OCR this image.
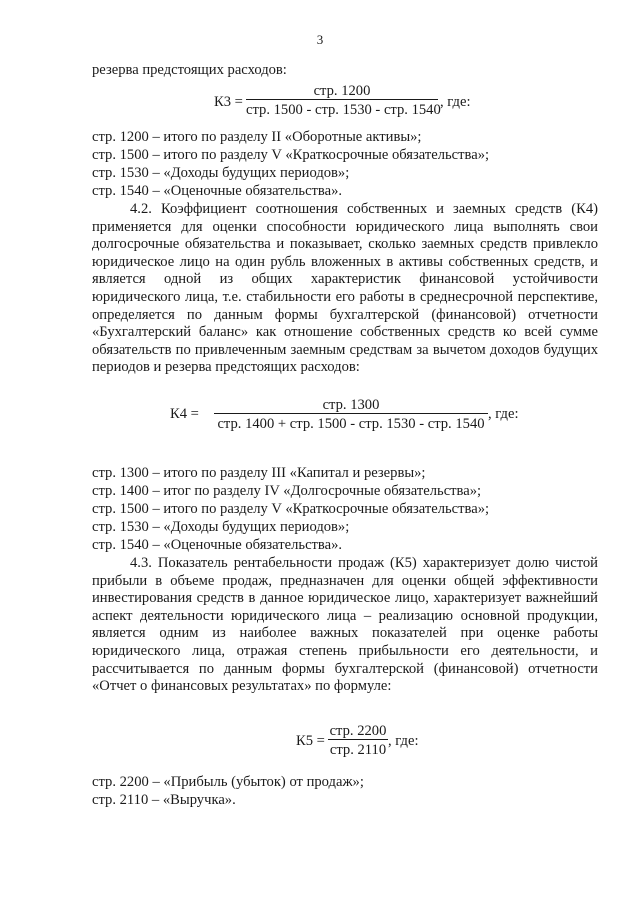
3
резерва предстоящих расходов:
К3 =
стр. 1200
стр. 1500 - стр. 1530 - стр. 1540 , где:
стр. 1200 – итого по разделу II «Оборотные активы»;
стр. 1500 – итого по разделу V «Краткосрочные обязательства»;
стр. 1530 – «Доходы будущих периодов»;
стр. 1540 – «Оценочные обязательства».
4.2. Коэффициент соотношения собственных и заемных средств (К4) применяется для оценки способности юридического лица выполнять свои долгосрочные обязательства и показывает, сколько заемных средств привлекло юридическое лицо на один рубль вложенных в активы собственных средств, и является одной из общих характеристик финансовой устойчивости юридического лица, т.е. стабильности его работы в среднесрочной перспективе, определяется по данным формы бухгалтерской (финансовой) отчетности «Бухгалтерский баланс» как отношение собственных средств ко всей сумме обязательств по привлеченным заемным средствам за вычетом доходов будущих периодов и резерва предстоящих расходов:
К4 =
стр. 1300
стр. 1400 + стр. 1500 - стр. 1530 - стр. 1540
, где:
стр. 1300 – итого по разделу III «Капитал и резервы»;
стр. 1400 – итог по разделу IV «Долгосрочные обязательства»;
стр. 1500 – итого по разделу V «Краткосрочные обязательства»;
стр. 1530 – «Доходы будущих периодов»;
стр. 1540 – «Оценочные обязательства».
4.3. Показатель рентабельности продаж (К5) характеризует долю чистой прибыли в объеме продаж, предназначен для оценки общей эффективности инвестирования средств в данное юридическое лицо, характеризует важнейший аспект деятельности юридического лица – реализацию основной продукции, является одним из наиболее важных показателей при оценке работы юридического лица, отражая степень прибыльности его деятельности, и рассчитывается по данным формы бухгалтерской (финансовой) отчетности «Отчет о финансовых результатах» по формуле:
К5 =
стр. 2200
стр. 2110
, где:
стр. 2200 – «Прибыль (убыток) от продаж»;
стр. 2110 – «Выручка».
